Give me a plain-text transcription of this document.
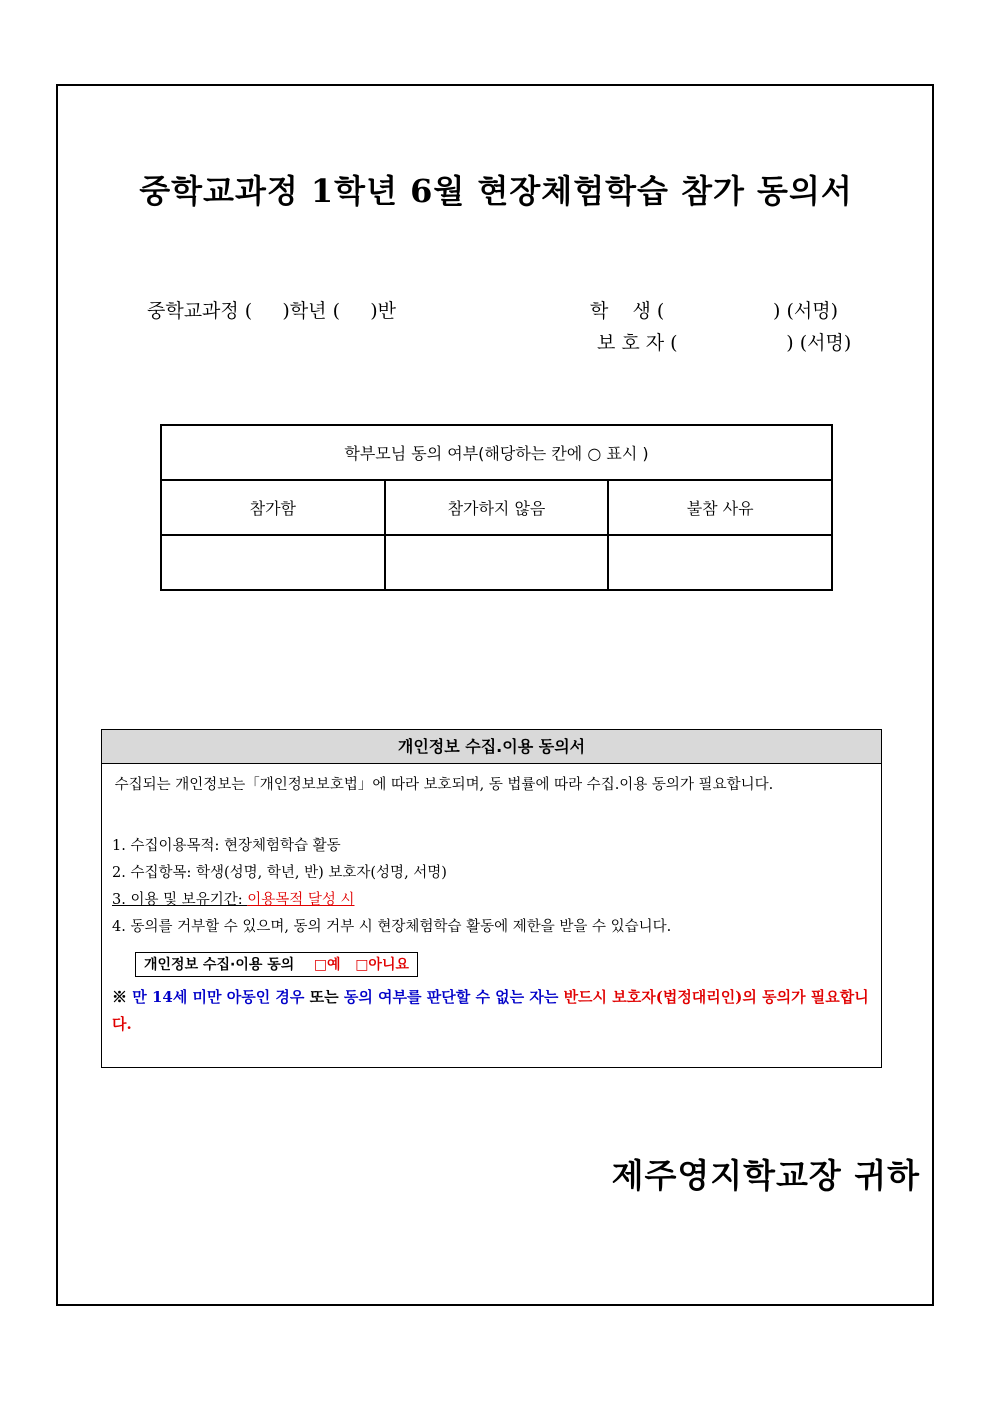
중학교과정 1학년 6월 현장체험학습 참가 동의서
중학교과정 (     )학년 (     )반	학    생 (                  ) (서명)
보 호 자 (                  ) (서명)
학부모님 동의 여부(해당하는 칸에 ○ 표시 )		
참가함	참가하지 않음	불참 사유

개인정보 수집.이용 동의서
수집되는 개인정보는「개인정보보호법」에 따라 보호되며, 동 법률에 따라 수집.이용 동의가 필요합니다.
1. 수집이용목적: 현장체험학습 활동
2. 수집항목: 학생(성명, 학년, 반) 보호자(성명, 서명)
3. 이용 및 보유기간: 이용목적 달성 시
4. 동의를 거부할 수 있으며, 동의 거부 시 현장체험학습 활동에 제한을 받을 수 있습니다.
개인정보 수집·이용 동의 □예 □아니요
※ 만 14세 미만 아동인 경우 또는 동의 여부를 판단할 수 없는 자는 반드시 보호자(법정대리인)의 동의가 필요합니다.
제주영지학교장 귀하
